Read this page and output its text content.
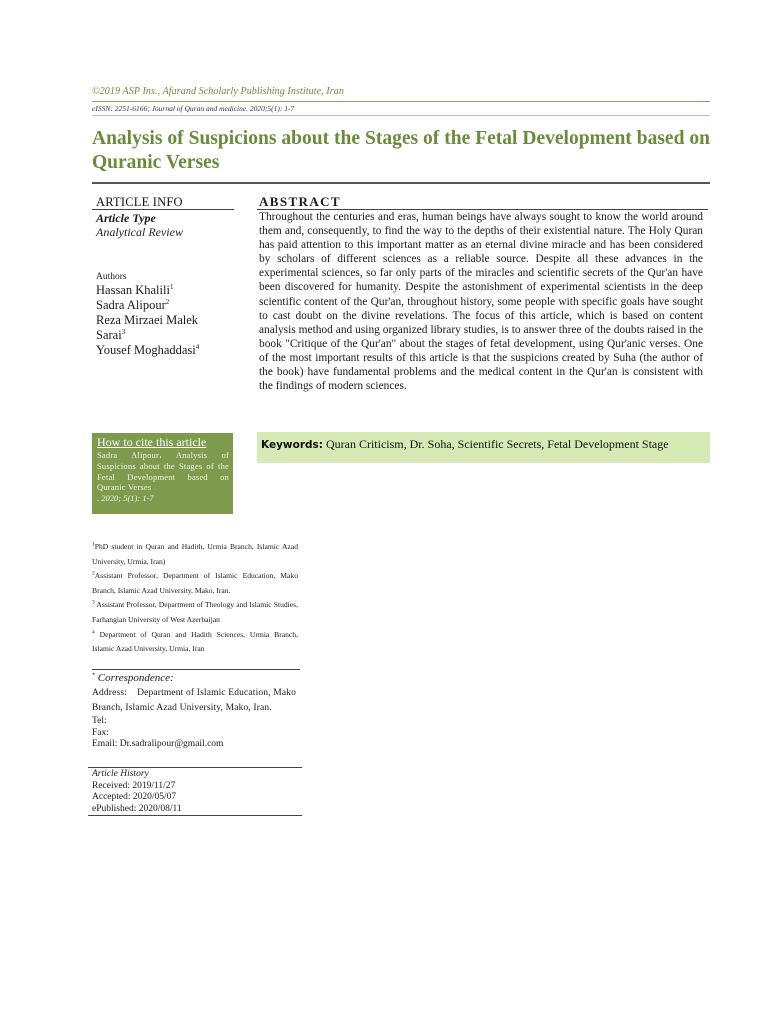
©2019 ASP Ins., Afarand Scholarly Publishing Institute, Iran
eISSN: 2251-6166; Journal of Quran and medicine. 2020;5(1): 1-7
Analysis of Suspicions about the Stages of the Fetal Development based on Quranic Verses
ARTICLE INFO
Article Type
Analytical Review
Authors
Hassan Khalili$^1$
Sadra Alipour$^2$
Reza Mirzaei Malek
Sarai$^3$
Yousef Moghaddasi$^4$
How to cite this article
Sadra Alipour، Analysis of Suspicions about the Stages of the Fetal Development based on Quranic Verses
. 2020; 5(1): 1-7
$^1$PhD student in Quran and Hadith, Urmia Branch, Islamic Azad University, Urmia, Iran)
$^2$Assistant Professor, Department of Islamic Education, Mako Branch, Islamic Azad University, Mako, Iran.
$^3$ Assistant Professor, Department of Theology and Islamic Studies, Farhangian University of West Azerbaijan
$^4$ Department of Quran and Hadith Sciences, Urmia Branch, Islamic Azad University, Urmia, Iran
* Correspondence:
Address: Department of Islamic Education, Mako Branch, Islamic Azad University, Mako, Iran.
Tel:
Fax:
Email: Dr.sadralipour@gmail.com
Article History
Received: 2019/11/27
Accepted: 2020/05/07
ePublished: 2020/08/11
ABSTRACT
Throughout the centuries and eras, human beings have always sought to know the world around them and, consequently, to find the way to the depths of their existential nature. The Holy Quran has paid attention to this important matter as an eternal divine miracle and has been considered by scholars of different sciences as a reliable source. Despite all these advances in the experimental sciences, so far only parts of the miracles and scientific secrets of the Qur'an have been discovered for humanity. Despite the astonishment of experimental scientists in the deep scientific content of the Qur'an, throughout history, some people with specific goals have sought to cast doubt on the divine revelations. The focus of this article, which is based on content analysis method and using organized library studies, is to answer three of the doubts raised in the book "Critique of the Qur'an" about the stages of fetal development, using Qur'anic verses. One of the most important results of this article is that the suspicions created by Suha (the author of the book) have fundamental problems and the medical content in the Qur'an is consistent with the findings of modern sciences.
Keywords: Quran Criticism, Dr. Soha, Scientific Secrets, Fetal Development Stage
